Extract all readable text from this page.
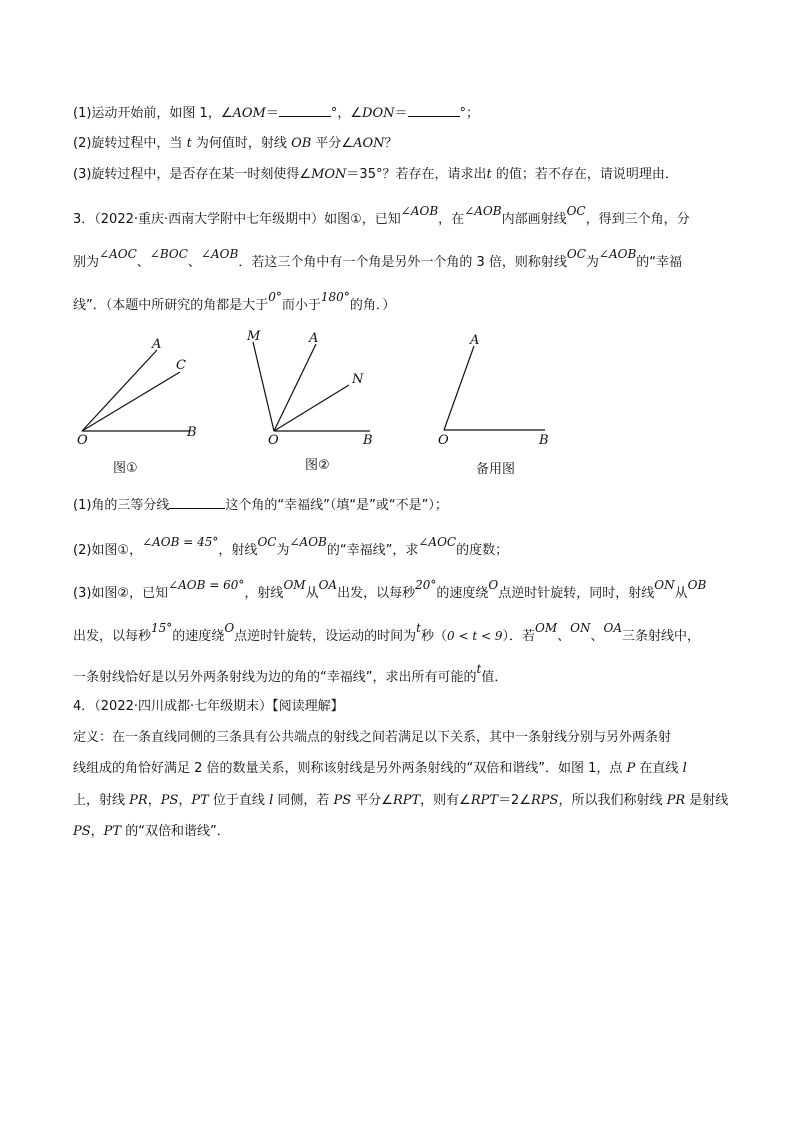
(1)运动开始前，如图 1，∠AOM＝	°，∠DON＝	°；
(2)旋转过程中，当 t 为何值时，射线 OB 平分∠AON？
(3)旋转过程中，是否存在某一时刻使得∠MON＝35°？若存在，请求出t 的值；若不存在，请说明理由．
3．（2022·重庆·西南大学附中七年级期中）如图①，已知∠AOB，在∠AOB内部画射线OC，得到三个角，分
别为∠AOC、∠BOC、∠AOB．若这三个角中有一个角是另外一个角的 3 倍，则称射线OC为∠AOB的“幸福
线”．（本题中所研究的角都是大于0°而小于180°的角．）
A
C
O
B
M	A
N
O	B
A
O	B
图①	图②	备用图
(1)角的三等分线	这个角的“幸福线”（填“是”或“不是”）；
(2)如图①，∠AOB = 45°，射线OC为∠AOB的“幸福线”，求∠AOC的度数；
(3)如图②，已知∠AOB = 60°，射线OM从OA出发，以每秒20°的速度绕O点逆时针旋转，同时，射线ON从OB
出发，以每秒15°的速度绕O点逆时针旋转，设运动的时间为t秒（0 < t < 9）．若OM、ON、OA三条射线中，
一条射线恰好是以另外两条射线为边的角的“幸福线”，求出所有可能的t值．
4．（2022·四川成都·七年级期末）【阅读理解】
定义：在一条直线同侧的三条具有公共端点的射线之间若满足以下关系，其中一条射线分别与另外两条射
线组成的角恰好满足 2 倍的数量关系，则称该射线是另外两条射线的“双倍和谐线”．如图 1，点 P 在直线 l
上，射线 PR，PS，PT 位于直线 l 同侧，若 PS 平分∠RPT，则有∠RPT＝2∠RPS，所以我们称射线 PR 是射线
PS，PT 的“双倍和谐线”．
